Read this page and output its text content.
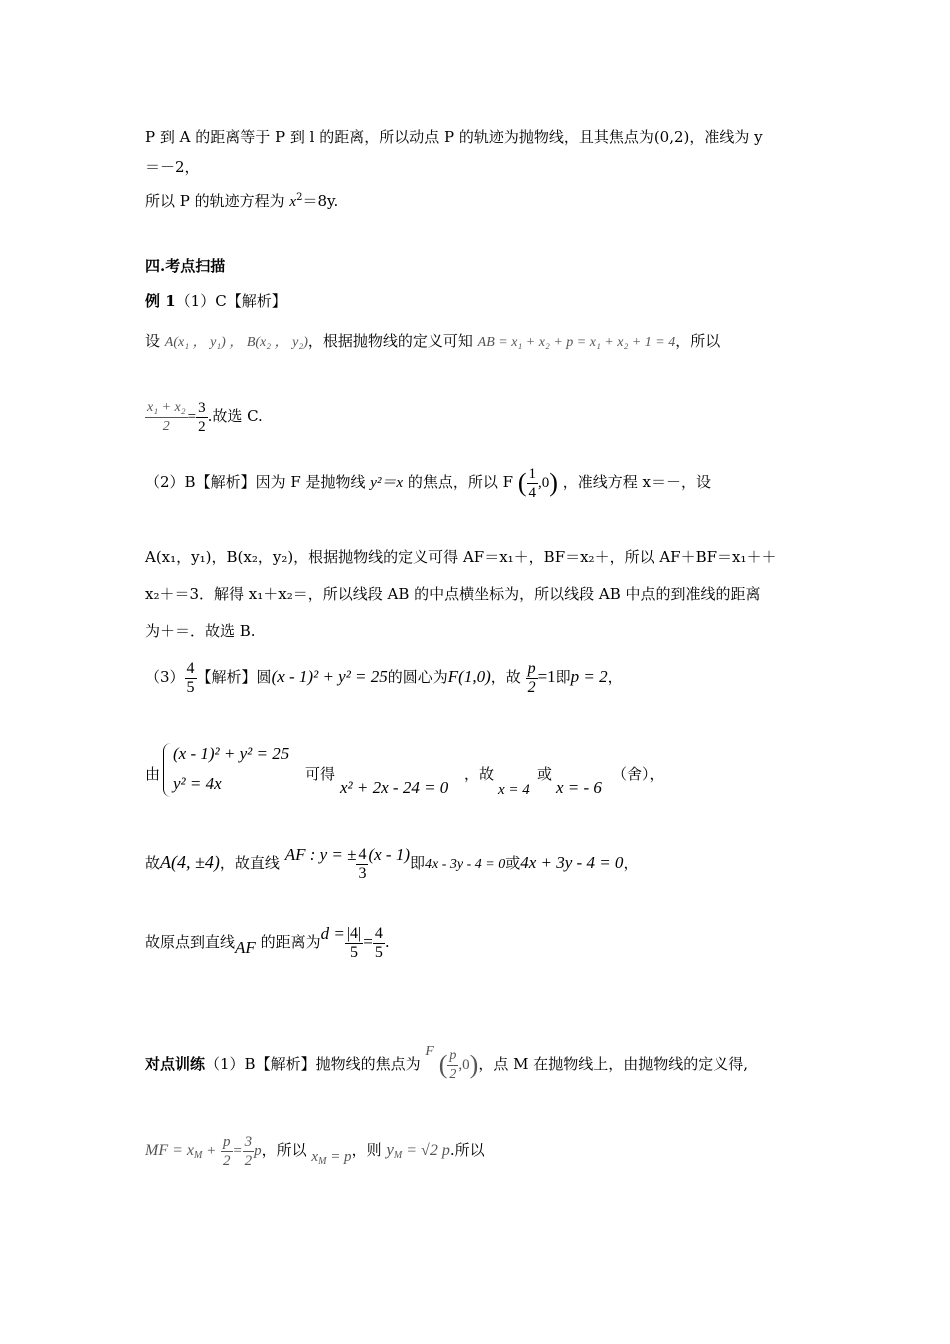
P 到 A 的距离等于 P 到 l 的距离，所以动点 P 的轨迹为抛物线，且其焦点为(0,2)，准线为 y
＝－2，
所以 P 的轨迹方程为 $x^2=8y$.
四.考点扫描
例 1（1）C【解析】
设 A(x₁ ， y₁) ， B(x₂ ， y₂)，根据抛物线的定义可知 AB = x₁ + x₂ + p = x₁ + x₂ + 1 = 4，所以
$\frac{\text{x₁ + x₂}}{2} = \frac{3}{2}$ .故选 C.
（2）B【解析】因为 F 是抛物线 y²＝x 的焦点，所以 F ( $\frac{1}{4} ,0$) ，准线方程 x＝－，设
A(x₁，y₁)，B(x₂，y₂)，根据抛物线的定义可得 AF＝x₁＋，BF＝x₂＋，所以 AF＋BF＝x₁＋＋
x₂＋＝3．解得 x₁＋x₂＝，所以线段 AB 的中点横坐标为，所以线段 AB 中点的到准线的距离
为＋＝．故选 B.
$(3) \frac{4}{5}$ 【解析】圆(x - 1)² + y² = 25的圆心为F(1,0)，故 $\frac{p}{2} =1$即p = 2，
由
(x - 1)² + y² = 25
y² = 4x	可得
x² + 2x - 24 = 0
，故
x = 4
或
x = - 6
（舍），
故A(4, ±4)，故直线 AF : y = ± $\frac{4}{3} (x - 1)$即4x - 3y - 4 = 0或4x + 3y - 4 = 0，
故原点到直线AF 的距离为$d = \frac{|4|}{5} = \frac{4}{5}$ .
对点训练（1）B【解析】抛物线的焦点为 F ( $\frac{p}{2} ,0$)，点 M 在抛物线上，由抛物线的定义得,
MF = $x_M + \frac{p}{2} = \frac{3}{2}$ p，所以 $x_M = p$，则 $y_M = √2$ p.所以
